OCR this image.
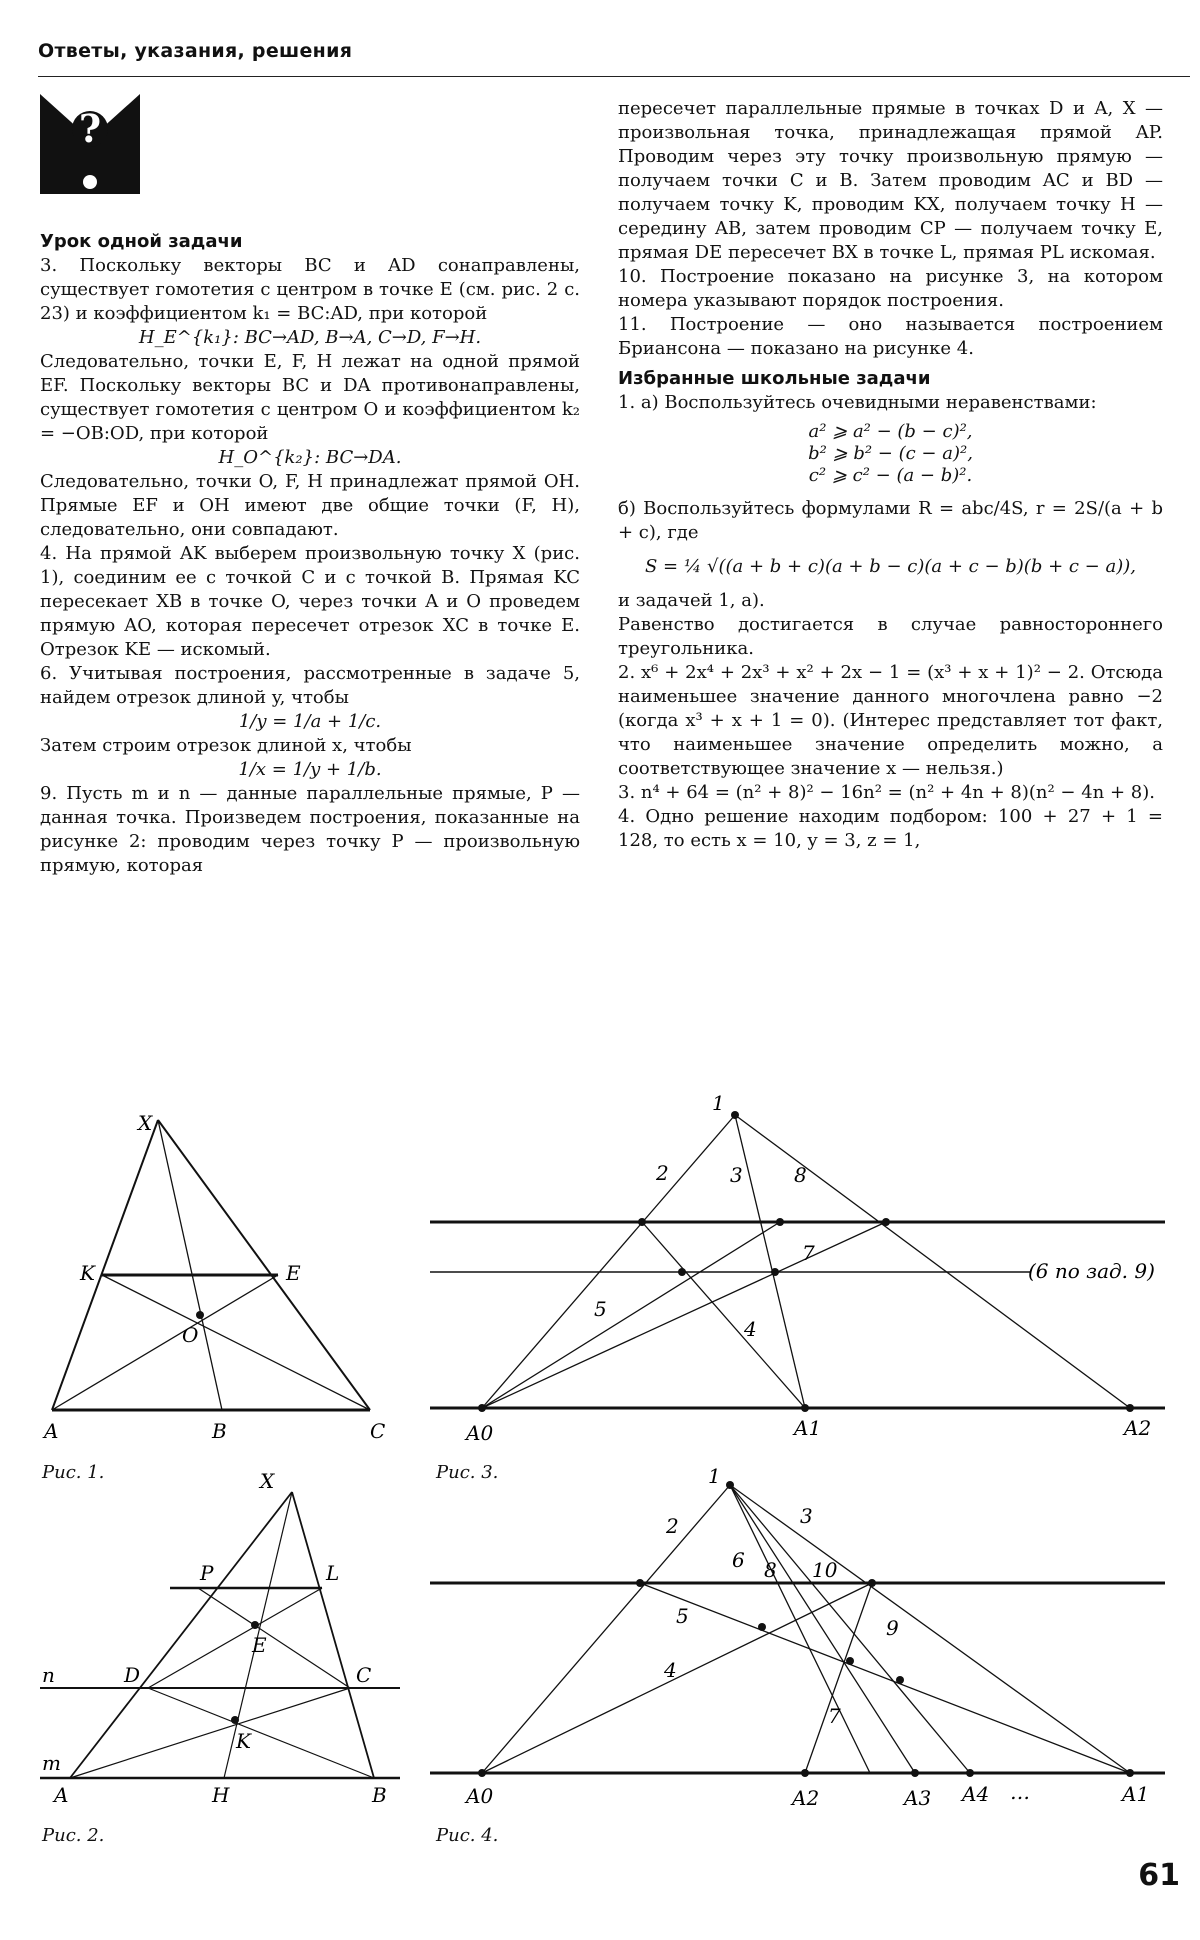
Ответы, указания, решения
?

Урок одной задачи

3. Поскольку векторы BC и AD сонаправлены, существует гомотетия с центром в точке E (см. рис. 2 с. 23) и коэффициентом k₁ = BC:AD, при которой

H_E^{k₁}: BC→AD, B→A, C→D, F→H.

Следовательно, точки E, F, H лежат на одной прямой EF. Поскольку векторы BC и DA противонаправлены, существует гомотетия с центром O и коэффициентом k₂ = −OB:OD, при которой

H_O^{k₂}: BC→DA.

Следовательно, точки O, F, H принадлежат прямой OH. Прямые EF и OH имеют две общие точки (F, H), следовательно, они совпадают.

4. На прямой AK выберем произвольную точку X (рис. 1), соединим ее с точкой C и с точкой B. Прямая KC пересекает XB в точке O, через точки A и O проведем прямую AO, которая пересечет отрезок XC в точке E. Отрезок KE — искомый.

6. Учитывая построения, рассмотренные в задаче 5, найдем отрезок длиной y, чтобы

1/y = 1/a + 1/c.

Затем строим отрезок длиной x, чтобы

1/x = 1/y + 1/b.

9. Пусть m и n — данные параллельные прямые, P — данная точка. Произведем построения, показанные на рисунке 2: проводим через точку P — произвольную прямую, которая

пересечет параллельные прямые в точках D и A, X — произвольная точка, принадлежащая прямой AP. Проводим через эту точку произвольную прямую — получаем точки C и B. Затем проводим AC и BD — получаем точку K, проводим KX, получаем точку H — середину AB, затем проводим CP — получаем точку E, прямая DE пересечет BX в точке L, прямая PL искомая.

10. Построение показано на рисунке 3, на котором номера указывают порядок построения.

11. Построение — оно называется построением Бриансона — показано на рисунке 4.

Избранные школьные задачи

1. а) Воспользуйтесь очевидными неравенствами:

a² ⩾ a² − (b − c)²,
b² ⩾ b² − (c − a)²,
c² ⩾ c² − (a − b)².

б) Воспользуйтесь формулами R = abc/4S, r = 2S/(a + b + c), где

S = ¼ √((a + b + c)(a + b − c)(a + c − b)(b + c − a)),

и задачей 1, а).

Равенство достигается в случае равностороннего треугольника.

2. x⁶ + 2x⁴ + 2x³ + x² + 2x − 1 = (x³ + x + 1)² − 2. Отсюда наименьшее значение данного многочлена равно −2 (когда x³ + x + 1 = 0). (Интерес представляет тот факт, что наименьшее значение определить можно, а соответствующее значение x — нельзя.)

3. n⁴ + 64 = (n² + 8)² − 16n² = (n² + 4n + 8)(n² − 4n + 8).

4. Одно решение находим подбором: 100 + 27 + 1 = 128, то есть x = 10, y = 3, z = 1,

X
K	E
O
A	B	C
Рис. 1.	X
P	L
E
n	D	C
K
m
A	H	B
Рис. 2.
1
2	3	8
7
5
4
A0	A1	A2
(6 по зад. 9)
Рис. 3.	1
2	3
6 8 10
5	9
4
7
A0	A2	A3 A4 …	A1
Рис. 4.
61
